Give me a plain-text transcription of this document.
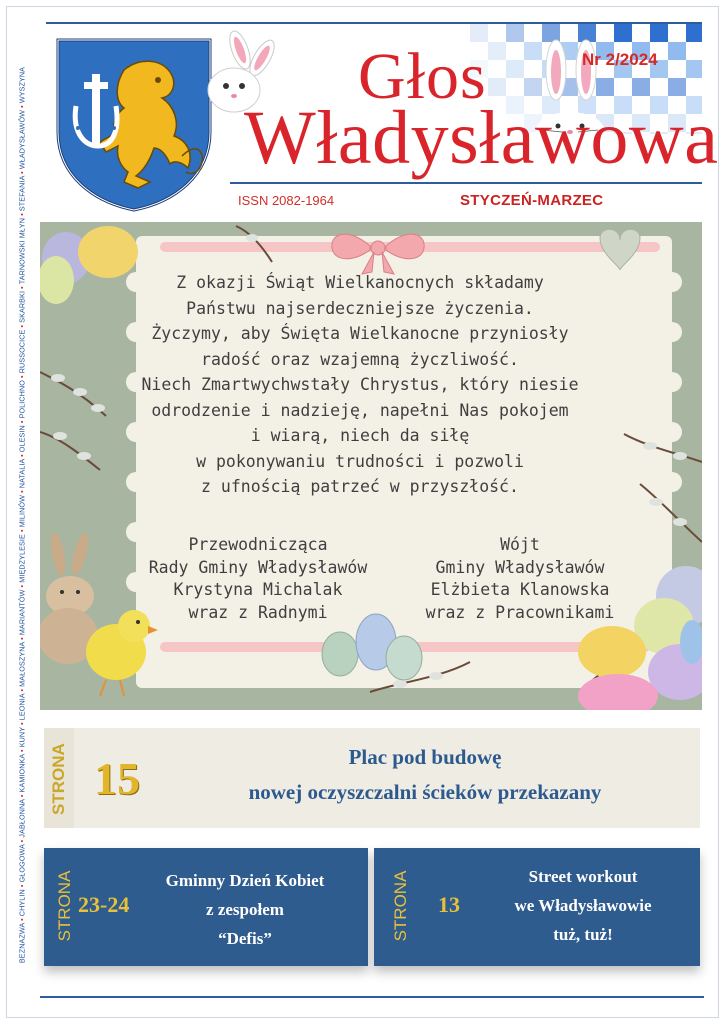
BEZNAZWA • CHYLIN • GŁOGOWA • JABŁONNA • KAMIONKA • KUNY • LEONIA • MAŁOSZYNA • MARIANTÓW • MIĘDZYLESIE • MILINÓW • NATALIA • OLESIN • POLICHNO • RUSSOCICE • SKARBKI • TARNOWSKI MŁYN • STEFANIA • WŁADYSŁAWÓW • WYSZYNA
Nr 2/2024
Głos
Władysławowa
ISSN 2082-1964	STYCZEŃ-MARZEC
Z okazji Świąt Wielkanocnych składamy
Państwu najserdeczniejsze życzenia.
Życzymy, aby Święta Wielkanocne przyniosły
radość oraz wzajemną życzliwość.
Niech Zmartwychwstały Chrystus, który niesie
odrodzenie i nadzieję, napełni Nas pokojem
i wiarą, niech da siłę
w pokonywaniu trudności i pozwoli
z ufnością patrzeć w przyszłość.
Przewodnicząca
Rady Gminy Władysławów
Krystyna Michalak
wraz z Radnymi
Wójt
Gminy Władysławów
Elżbieta Klanowska
wraz z Pracownikami
STRONA 15	Plac pod budowę
nowej oczyszczalni ścieków przekazany
STRONA 23-24
Gminny Dzień Kobiet
z zespołem
“Defis”	STRONA 13
Street workout
we Władysławowie
tuż, tuż!
